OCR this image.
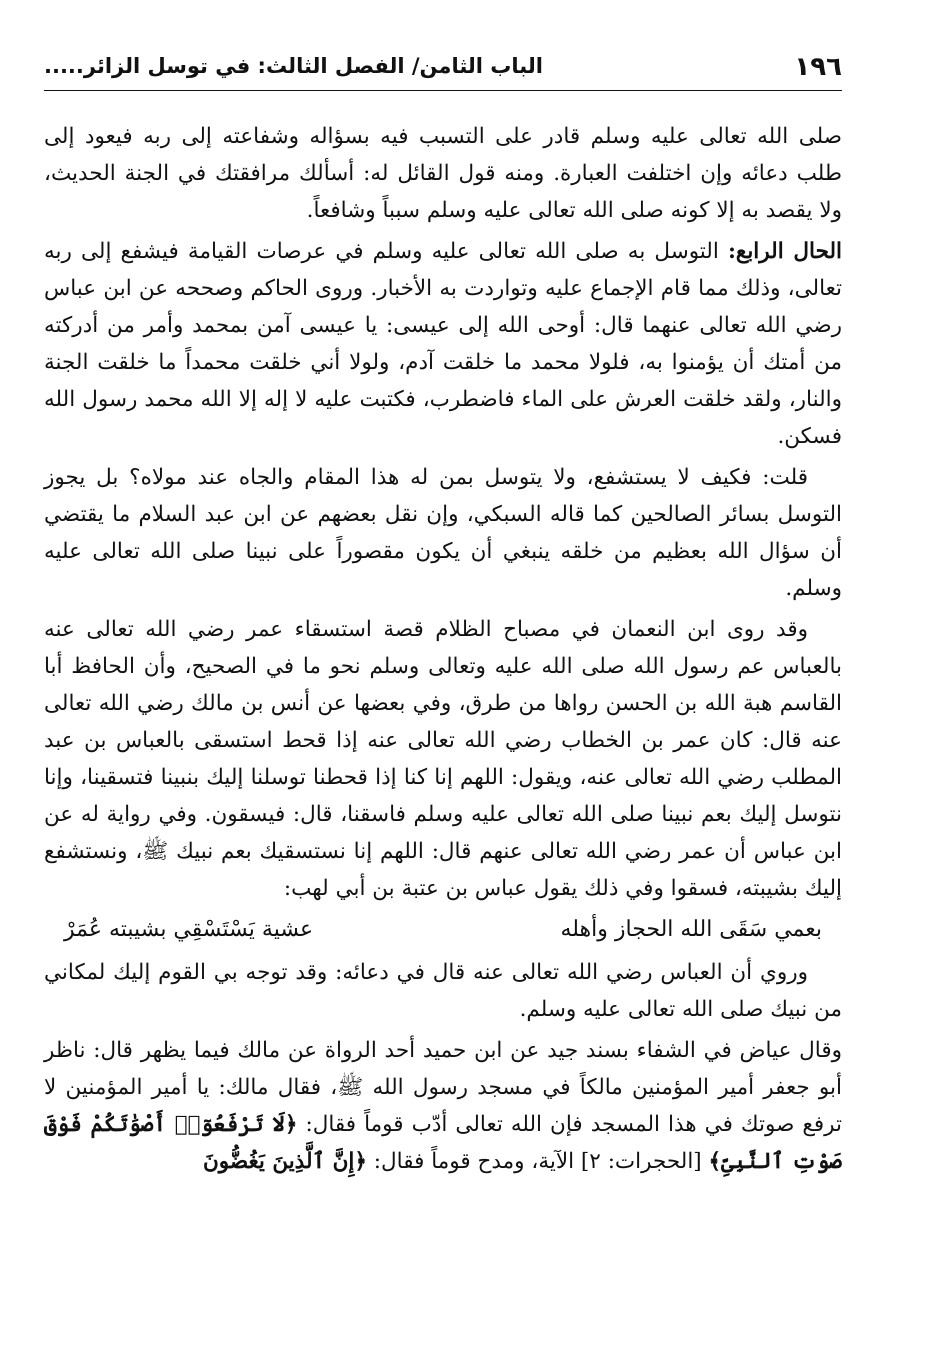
١٩٦
الباب الثامن/ الفصل الثالث: في توسل الزائر.....

صلى الله تعالى عليه وسلم قادر على التسبب فيه بسؤاله وشفاعته إلى ربه فيعود إلى طلب دعائه وإن اختلفت العبارة. ومنه قول القائل له: أسألك مرافقتك في الجنة الحديث، ولا يقصد به إلا كونه صلى الله تعالى عليه وسلم سبباً وشافعاً.

الحال الرابع: التوسل به صلى الله تعالى عليه وسلم في عرصات القيامة فيشفع إلى ربه تعالى، وذلك مما قام الإجماع عليه وتواردت به الأخبار. وروى الحاكم وصححه عن ابن عباس رضي الله تعالى عنهما قال: أوحى الله إلى عيسى: يا عيسى آمن بمحمد وأمر من أدركته من أمتك أن يؤمنوا به، فلولا محمد ما خلقت آدم، ولولا أني خلقت محمداً ما خلقت الجنة والنار، ولقد خلقت العرش على الماء فاضطرب، فكتبت عليه لا إله إلا الله محمد رسول الله فسكن.

قلت: فكيف لا يستشفع، ولا يتوسل بمن له هذا المقام والجاه عند مولاه؟ بل يجوز التوسل بسائر الصالحين كما قاله السبكي، وإن نقل بعضهم عن ابن عبد السلام ما يقتضي أن سؤال الله بعظيم من خلقه ينبغي أن يكون مقصوراً على نبينا صلى الله تعالى عليه وسلم.

وقد روى ابن النعمان في مصباح الظلام قصة استسقاء عمر رضي الله تعالى عنه بالعباس عم رسول الله صلى الله عليه وتعالى وسلم نحو ما في الصحيح، وأن الحافظ أبا القاسم هبة الله بن الحسن رواها من طرق، وفي بعضها عن أنس بن مالك رضي الله تعالى عنه قال: كان عمر بن الخطاب رضي الله تعالى عنه إذا قحط استسقى بالعباس بن عبد المطلب رضي الله تعالى عنه، ويقول: اللهم إنا كنا إذا قحطنا توسلنا إليك بنبينا فتسقينا، وإنا نتوسل إليك بعم نبينا صلى الله تعالى عليه وسلم فاسقنا، قال: فيسقون. وفي رواية له عن ابن عباس أن عمر رضي الله تعالى عنهم قال: اللهم إنا نستسقيك بعم نبيك ﷺ، ونستشفع إليك بشيبته، فسقوا وفي ذلك يقول عباس بن عتبة بن أبي لهب:

بعمي سَقَى الله الحجاز وأهله
عشية يَسْتَسْقِي بشيبته عُمَرْ

وروي أن العباس رضي الله تعالى عنه قال في دعائه: وقد توجه بي القوم إليك لمكاني من نبيك صلى الله تعالى عليه وسلم.

وقال عياض في الشفاء بسند جيد عن ابن حميد أحد الرواة عن مالك فيما يظهر قال: ناظر أبو جعفر أمير المؤمنين مالكاً في مسجد رسول الله ﷺ، فقال مالك: يا أمير المؤمنين لا ترفع صوتك في هذا المسجد فإن الله تعالى أدّب قوماً فقال: ﴿لَا تَرْفَعُوٓا۟ أَصْوَٰتَكُمْ فَوْقَ صَوْتِ ٱلنَّبِىِّ﴾ [الحجرات: ٢] الآية، ومدح قوماً فقال: ﴿إِنَّ ٱلَّذِينَ يَغُضُّونَ
